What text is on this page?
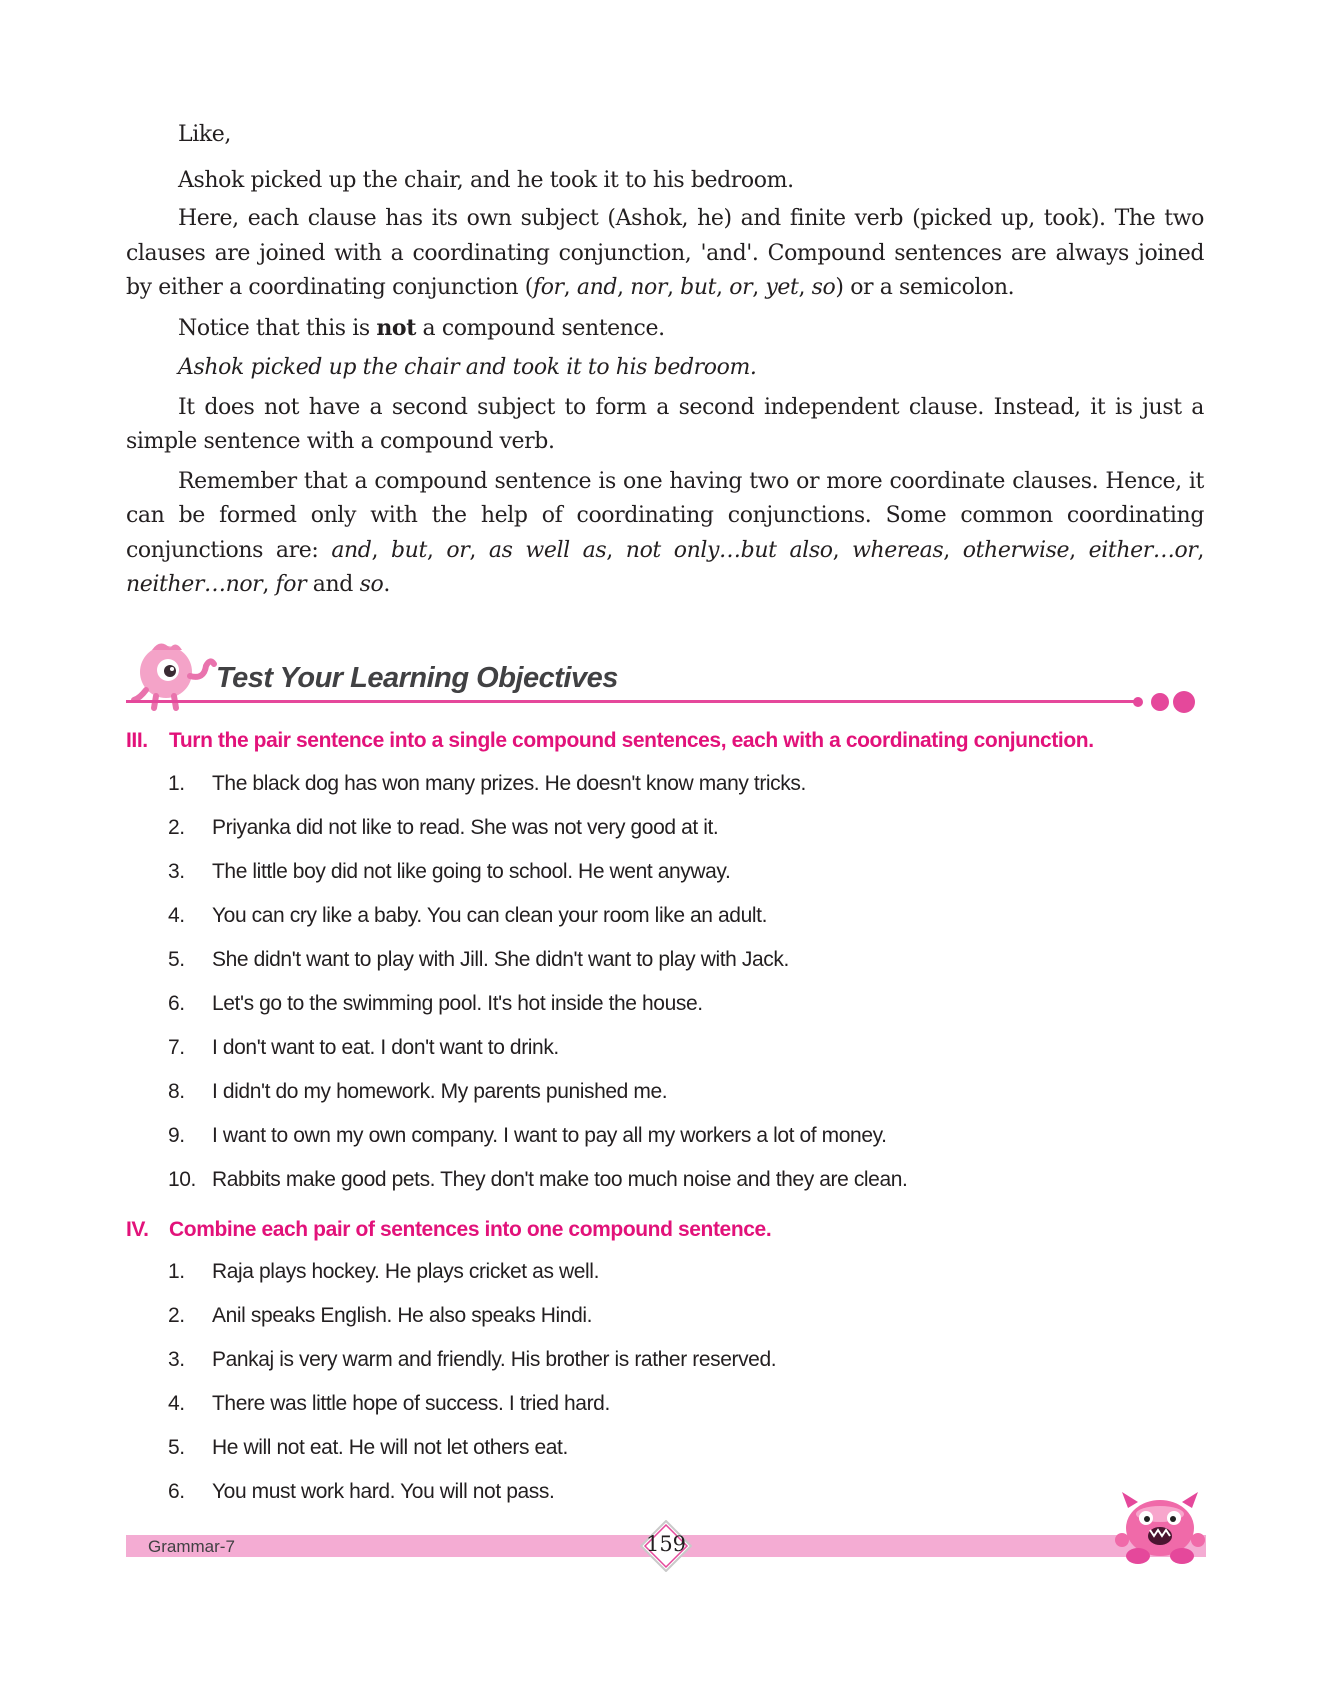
Like,

Ashok picked up the chair, and he took it to his bedroom.

Here, each clause has its own subject (Ashok, he) and finite verb (picked up, took). The two clauses are joined with a coordinating conjunction, 'and'. Compound sentences are always joined by either a coordinating conjunction (for, and, nor, but, or, yet, so) or a semicolon.

Notice that this is not a compound sentence.

Ashok picked up the chair and took it to his bedroom.

It does not have a second subject to form a second independent clause. Instead, it is just a simple sentence with a compound verb.

Remember that a compound sentence is one having two or more coordinate clauses. Hence, it can be formed only with the help of coordinating conjunctions. Some common coordinating conjunctions are: and, but, or, as well as, not only…but also, whereas, otherwise, either…or, neither…nor, for and so.

Test Your Learning Objectives
III. Turn the pair sentence into a single compound sentences, each with a coordinating conjunction.
1. The black dog has won many prizes. He doesn't know many tricks.
2. Priyanka did not like to read. She was not very good at it.
3. The little boy did not like going to school. He went anyway.
4. You can cry like a baby. You can clean your room like an adult.
5. She didn't want to play with Jill. She didn't want to play with Jack.
6. Let's go to the swimming pool. It's hot inside the house.
7. I don't want to eat. I don't want to drink.
8. I didn't do my homework. My parents punished me.
9. I want to own my own company. I want to pay all my workers a lot of money.
10. Rabbits make good pets. They don't make too much noise and they are clean.
IV. Combine each pair of sentences into one compound sentence.
1. Raja plays hockey. He plays cricket as well.
2. Anil speaks English. He also speaks Hindi.
3. Pankaj is very warm and friendly. His brother is rather reserved.
4. There was little hope of success. I tried hard.
5. He will not eat. He will not let others eat.
6. You must work hard. You will not pass.
Grammar-7	159
